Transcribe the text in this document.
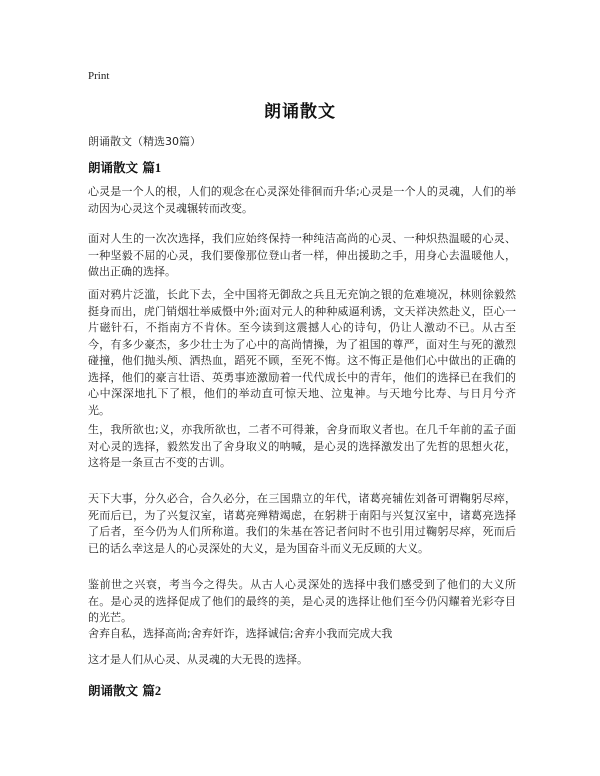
Print
朗诵散文
朗诵散文（精选30篇）
朗诵散文 篇1

心灵是一个人的根，人们的观念在心灵深处徘徊而升华;心灵是一个人的灵魂，人们的举动因为心灵这个灵魂辗转而改变。

面对人生的一次次选择，我们应始终保持一种纯洁高尚的心灵、一种炽热温暖的心灵、一种坚毅不屈的心灵，我们要像那位登山者一样，伸出援助之手，用身心去温暖他人，做出正确的选择。

面对鸦片泛滥，长此下去，全中国将无御敌之兵且无充饷之银的危难境况，林则徐毅然挺身而出，虎门销烟壮举威慑中外;面对元人的种种威逼利诱，文天祥决然赴义，臣心一片磁针石，不指南方不肯休。至今读到这震撼人心的诗句，仍让人激动不已。从古至今，有多少豪杰，多少壮士为了心中的高尚情操，为了祖国的尊严，面对生与死的激烈碰撞，他们抛头颅、洒热血，蹈死不顾，至死不悔。这不悔正是他们心中做出的正确的选择，他们的豪言壮语、英勇事迹激励着一代代成长中的青年，他们的选择已在我们的心中深深地扎下了根，他们的举动直可惊天地、泣鬼神。与天地兮比寿、与日月兮齐光。

生，我所欲也;义，亦我所欲也，二者不可得兼，舍身而取义者也。在几千年前的孟子面对心灵的选择，毅然发出了舍身取义的呐喊，是心灵的选择激发出了先哲的思想火花，这将是一条亘古不变的古训。

天下大事，分久必合，合久必分，在三国鼎立的年代，诸葛亮辅佐刘备可谓鞠躬尽瘁，死而后已，为了兴复汉室，诸葛亮殚精竭虑，在躬耕于南阳与兴复汉室中，诸葛亮选择了后者，至今仍为人们所称道。我们的朱基在答记者问时不也引用过鞠躬尽瘁，死而后已的话么幸这是人的心灵深处的大义，是为国奋斗而义无反顾的大义。

鉴前世之兴衰，考当今之得失。从古人心灵深处的选择中我们感受到了他们的大义所在。是心灵的选择促成了他们的最终的美，是心灵的选择让他们至今仍闪耀着光彩夺目的光芒。

舍弃自私，选择高尚;舍弃奸诈，选择诚信;舍弃小我而完成大我

这才是人们从心灵、从灵魂的大无畏的选择。

朗诵散文 篇2
